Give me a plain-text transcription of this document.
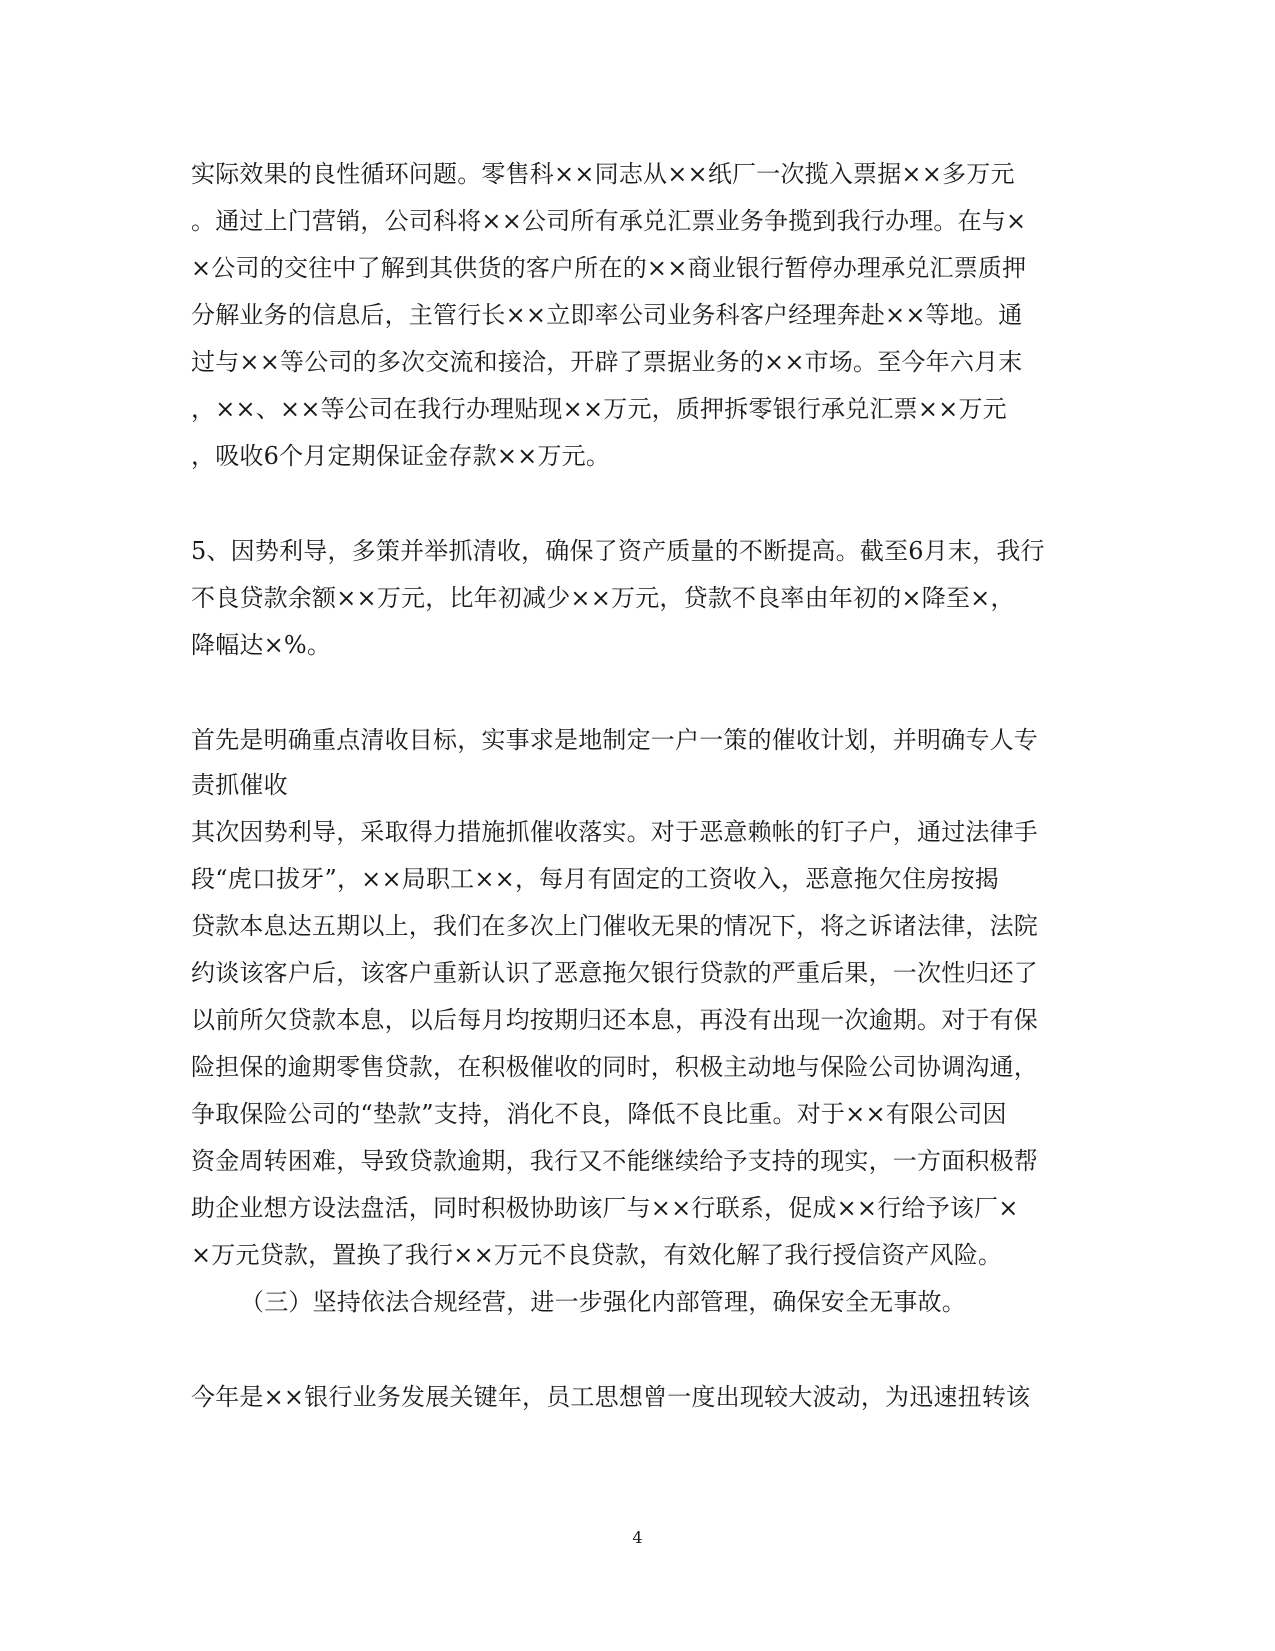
实际效果的良性循环问题。零售科××同志从××纸厂一次揽入票据××多万元
。通过上门营销，公司科将××公司所有承兑汇票业务争揽到我行办理。在与×
×公司的交往中了解到其供货的客户所在的××商业银行暂停办理承兑汇票质押
分解业务的信息后，主管行长××立即率公司业务科客户经理奔赴××等地。通
过与××等公司的多次交流和接洽，开辟了票据业务的××市场。至今年六月末
，××、××等公司在我行办理贴现××万元，质押拆零银行承兑汇票××万元
，吸收6个月定期保证金存款××万元。
5、因势利导，多策并举抓清收，确保了资产质量的不断提高。截至6月末，我行
不良贷款余额××万元，比年初减少××万元，贷款不良率由年初的×降至×，
降幅达×%。
首先是明确重点清收目标，实事求是地制定一户一策的催收计划，并明确专人专
责抓催收
其次因势利导，采取得力措施抓催收落实。对于恶意赖帐的钉子户，通过法律手
段“虎口拔牙”，××局职工××，每月有固定的工资收入，恶意拖欠住房按揭
贷款本息达五期以上，我们在多次上门催收无果的情况下，将之诉诸法律，法院
约谈该客户后，该客户重新认识了恶意拖欠银行贷款的严重后果，一次性归还了
以前所欠贷款本息，以后每月均按期归还本息，再没有出现一次逾期。对于有保
险担保的逾期零售贷款，在积极催收的同时，积极主动地与保险公司协调沟通，
争取保险公司的“垫款”支持，消化不良，降低不良比重。对于××有限公司因
资金周转困难，导致贷款逾期，我行又不能继续给予支持的现实，一方面积极帮
助企业想方设法盘活，同时积极协助该厂与××行联系，促成××行给予该厂×
×万元贷款，置换了我行××万元不良贷款，有效化解了我行授信资产风险。
（三）坚持依法合规经营，进一步强化内部管理，确保安全无事故。
今年是××银行业务发展关键年，员工思想曾一度出现较大波动，为迅速扭转该
4
